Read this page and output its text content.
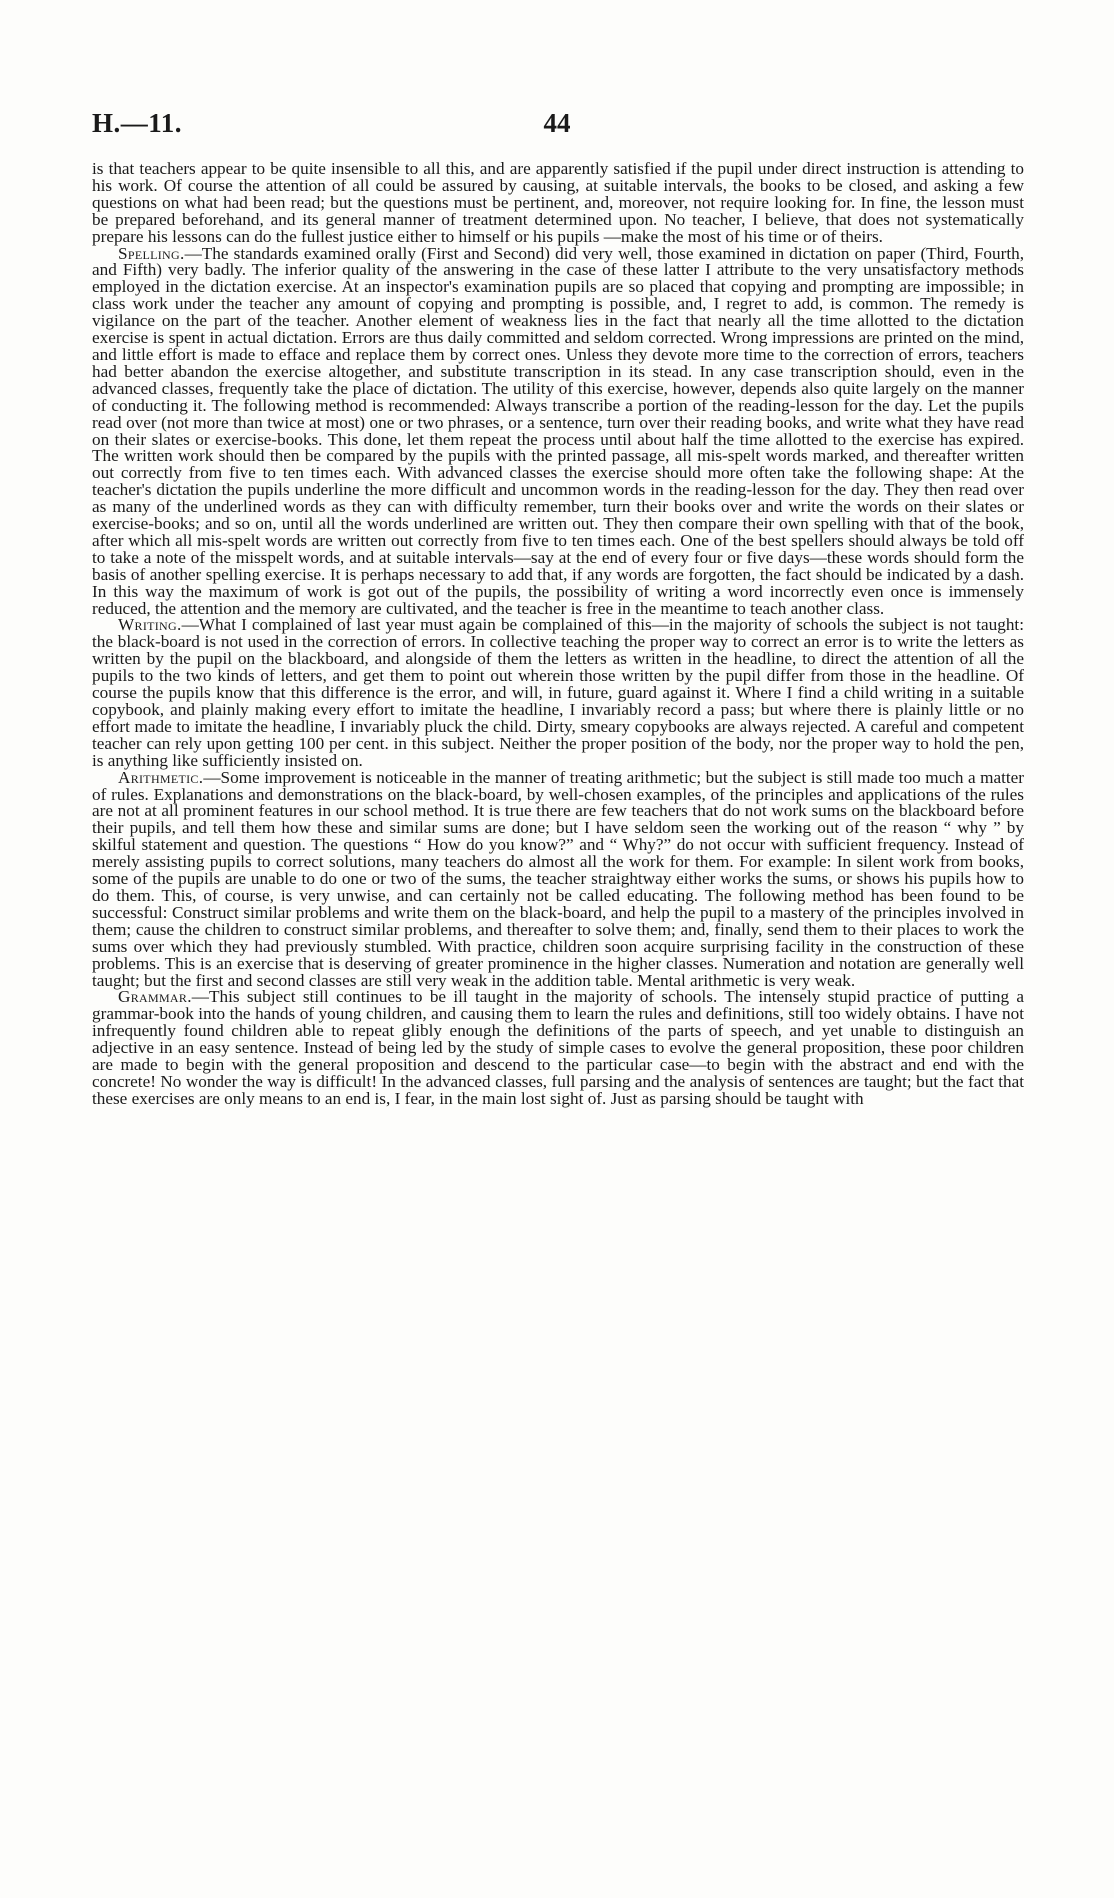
H.—11.	44

is that teachers appear to be quite insensible to all this, and are apparently satisfied if the pupil under direct instruction is attending to his work. Of course the attention of all could be assured by causing, at suitable intervals, the books to be closed, and asking a few questions on what had been read; but the questions must be pertinent, and, moreover, not require looking for. In fine, the lesson must be prepared beforehand, and its general manner of treatment determined upon. No teacher, I believe, that does not systematically prepare his lessons can do the fullest justice either to himself or his pupils —make the most of his time or of theirs.

Spelling.—The standards examined orally (First and Second) did very well, those examined in dictation on paper (Third, Fourth, and Fifth) very badly. The inferior quality of the answering in the case of these latter I attribute to the very unsatisfactory methods employed in the dictation exercise. At an inspector's examination pupils are so placed that copying and prompting are impossible; in class work under the teacher any amount of copying and prompting is possible, and, I regret to add, is common. The remedy is vigilance on the part of the teacher. Another element of weakness lies in the fact that nearly all the time allotted to the dictation exercise is spent in actual dictation. Errors are thus daily committed and seldom corrected. Wrong impressions are printed on the mind, and little effort is made to efface and replace them by correct ones. Unless they devote more time to the correction of errors, teachers had better abandon the exercise altogether, and substitute transcription in its stead. In any case transcription should, even in the advanced classes, frequently take the place of dictation. The utility of this exercise, however, depends also quite largely on the manner of conducting it. The following method is recommended: Always transcribe a portion of the reading-lesson for the day. Let the pupils read over (not more than twice at most) one or two phrases, or a sentence, turn over their reading books, and write what they have read on their slates or exercise-books. This done, let them repeat the process until about half the time allotted to the exercise has expired. The written work should then be compared by the pupils with the printed passage, all mis-spelt words marked, and thereafter written out correctly from five to ten times each. With advanced classes the exercise should more often take the following shape: At the teacher's dictation the pupils underline the more difficult and uncommon words in the reading-lesson for the day. They then read over as many of the underlined words as they can with difficulty remember, turn their books over and write the words on their slates or exercise-books; and so on, until all the words underlined are written out. They then compare their own spelling with that of the book, after which all mis-spelt words are written out correctly from five to ten times each. One of the best spellers should always be told off to take a note of the misspelt words, and at suitable intervals—say at the end of every four or five days—these words should form the basis of another spelling exercise. It is perhaps necessary to add that, if any words are forgotten, the fact should be indicated by a dash. In this way the maximum of work is got out of the pupils, the possibility of writing a word incorrectly even once is immensely reduced, the attention and the memory are cultivated, and the teacher is free in the meantime to teach another class.

Writing.—What I complained of last year must again be complained of this—in the majority of schools the subject is not taught: the black-board is not used in the correction of errors. In collective teaching the proper way to correct an error is to write the letters as written by the pupil on the blackboard, and alongside of them the letters as written in the headline, to direct the attention of all the pupils to the two kinds of letters, and get them to point out wherein those written by the pupil differ from those in the headline. Of course the pupils know that this difference is the error, and will, in future, guard against it. Where I find a child writing in a suitable copybook, and plainly making every effort to imitate the headline, I invariably record a pass; but where there is plainly little or no effort made to imitate the headline, I invariably pluck the child. Dirty, smeary copybooks are always rejected. A careful and competent teacher can rely upon getting 100 per cent. in this subject. Neither the proper position of the body, nor the proper way to hold the pen, is anything like sufficiently insisted on.

Arithmetic.—Some improvement is noticeable in the manner of treating arithmetic; but the subject is still made too much a matter of rules. Explanations and demonstrations on the black-board, by well-chosen examples, of the principles and applications of the rules are not at all prominent features in our school method. It is true there are few teachers that do not work sums on the blackboard before their pupils, and tell them how these and similar sums are done; but I have seldom seen the working out of the reason “ why ” by skilful statement and question. The questions “ How do you know?” and “ Why?” do not occur with sufficient frequency. Instead of merely assisting pupils to correct solutions, many teachers do almost all the work for them. For example: In silent work from books, some of the pupils are unable to do one or two of the sums, the teacher straightway either works the sums, or shows his pupils how to do them. This, of course, is very unwise, and can certainly not be called educating. The following method has been found to be successful: Construct similar problems and write them on the black-board, and help the pupil to a mastery of the principles involved in them; cause the children to construct similar problems, and thereafter to solve them; and, finally, send them to their places to work the sums over which they had previously stumbled. With practice, children soon acquire surprising facility in the construction of these problems. This is an exercise that is deserving of greater prominence in the higher classes. Numeration and notation are generally well taught; but the first and second classes are still very weak in the addition table. Mental arithmetic is very weak.

Grammar.—This subject still continues to be ill taught in the majority of schools. The intensely stupid practice of putting a grammar-book into the hands of young children, and causing them to learn the rules and definitions, still too widely obtains. I have not infrequently found children able to repeat glibly enough the definitions of the parts of speech, and yet unable to distinguish an adjective in an easy sentence. Instead of being led by the study of simple cases to evolve the general proposition, these poor children are made to begin with the general proposition and descend to the particular case—to begin with the abstract and end with the concrete! No wonder the way is difficult! In the advanced classes, full parsing and the analysis of sentences are taught; but the fact that these exercises are only means to an end is, I fear, in the main lost sight of. Just as parsing should be taught with
